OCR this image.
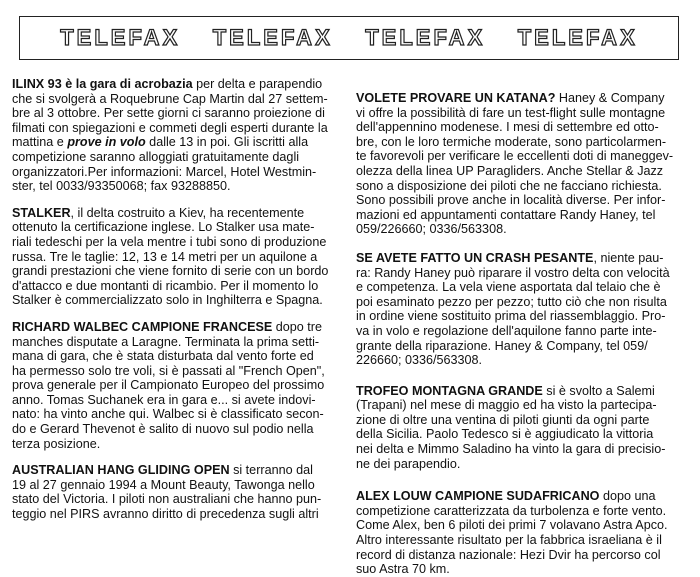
TELEFAX TELEFAX TELEFAX TELEFAX
ILINX 93 è la gara di acrobazia per delta e parapendio
che si svolgerà a Roquebrune Cap Martin dal 27 settem-
bre al 3 ottobre. Per sette giorni ci saranno proiezione di
filmati con spiegazioni e commeti degli esperti durante la
mattina e prove in volo dalle 13 in poi. Gli iscritti alla
competizione saranno alloggiati gratuitamente dagli
organizzatori.Per informazioni: Marcel, Hotel Westmin-
ster, tel 0033/93350068; fax 93288850.
STALKER, il delta costruito a Kiev, ha recentemente
ottenuto la certificazione inglese. Lo Stalker usa mate-
riali tedeschi per la vela mentre i tubi sono di produzione
russa. Tre le taglie: 12, 13 e 14 metri per un aquilone a
grandi prestazioni che viene fornito di serie con un bordo
d'attacco e due montanti di ricambio. Per il momento lo
Stalker è commercializzato solo in Inghilterra e Spagna.
RICHARD WALBEC CAMPIONE FRANCESE dopo tre
manches disputate a Laragne. Terminata la prima setti-
mana di gara, che è stata disturbata dal vento forte ed
ha permesso solo tre voli, si è passati al "French Open",
prova generale per il Campionato Europeo del prossimo
anno. Tomas Suchanek era in gara e... si avete indovi-
nato: ha vinto anche qui. Walbec si è classificato secon-
do e Gerard Thevenot è salito di nuovo sul podio nella
terza posizione.
AUSTRALIAN HANG GLIDING OPEN si terranno dal
19 al 27 gennaio 1994 a Mount Beauty, Tawonga nello
stato del Victoria. I piloti non australiani che hanno pun-
teggio nel PIRS avranno diritto di precedenza sugli altri
VOLETE PROVARE UN KATANA? Haney & Company
vi offre la possibilità di fare un test-flight sulle montagne
dell'appennino modenese. I mesi di settembre ed otto-
bre, con le loro termiche moderate, sono particolarmen-
te favorevoli per verificare le eccellenti doti di maneggev-
olezza della linea UP Paragliders. Anche Stellar & Jazz
sono a disposizione dei piloti che ne facciano richiesta.
Sono possibili prove anche in località diverse. Per infor-
mazioni ed appuntamenti contattare Randy Haney, tel
059/226660; 0336/563308.
SE AVETE FATTO UN CRASH PESANTE, niente pau-
ra: Randy Haney può riparare il vostro delta con velocità
e competenza. La vela viene asportata dal telaio che è
poi esaminato pezzo per pezzo; tutto ciò che non risulta
in ordine viene sostituito prima del riassemblaggio. Pro-
va in volo e regolazione dell'aquilone fanno parte inte-
grante della riparazione. Haney & Company, tel 059/
226660; 0336/563308.
TROFEO MONTAGNA GRANDE si è svolto a Salemi
(Trapani) nel mese di maggio ed ha visto la partecipa-
zione di oltre una ventina di piloti giunti da ogni parte
della Sicilia. Paolo Tedesco si è aggiudicato la vittoria
nei delta e Mimmo Saladino ha vinto la gara di precisio-
ne dei parapendio.
ALEX LOUW CAMPIONE SUDAFRICANO dopo una
competizione caratterizzata da turbolenza e forte vento.
Come Alex, ben 6 piloti dei primi 7 volavano Astra Apco.
Altro interessante risultato per la fabbrica israeliana è il
record di distanza nazionale: Hezi Dvir ha percorso col
suo Astra 70 km.
